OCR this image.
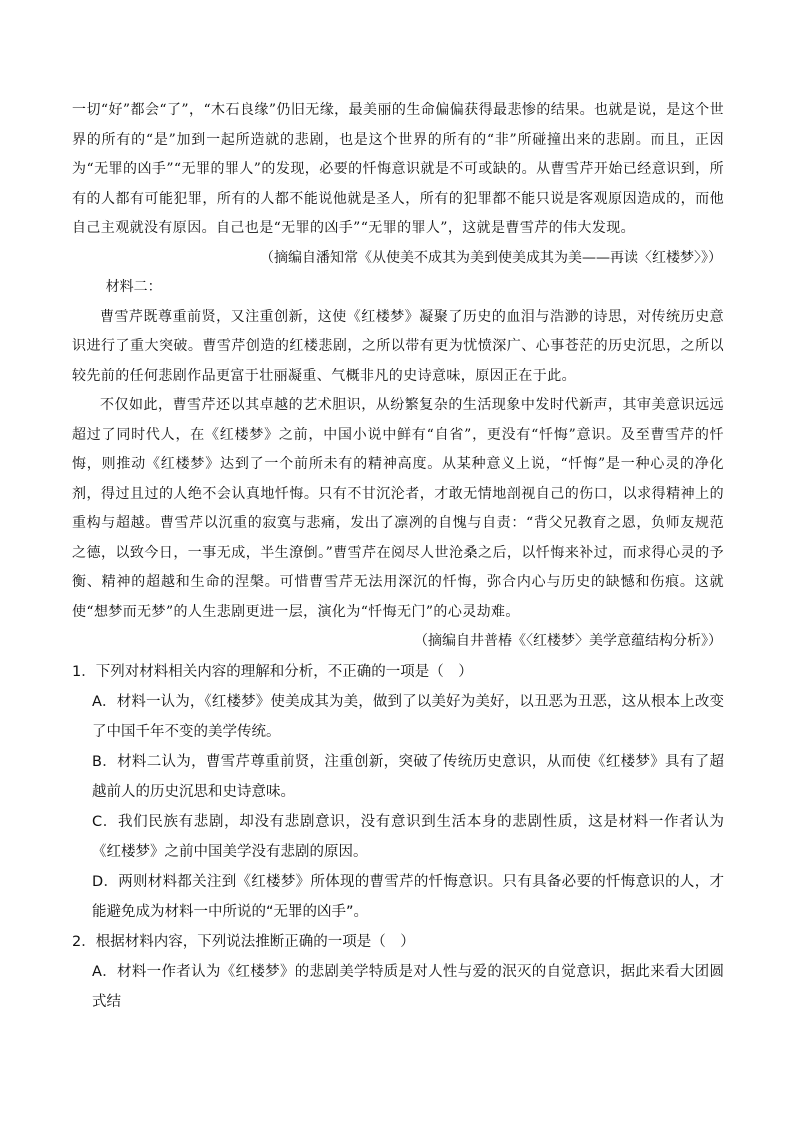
一切“好”都会“了”，“木石良缘”仍旧无缘，最美丽的生命偏偏获得最悲惨的结果。也就是说，是这个世界的所有的“是”加到一起所造就的悲剧，也是这个世界的所有的“非”所碰撞出来的悲剧。而且，正因为“无罪的凶手”“无罪的罪人”的发现，必要的忏悔意识就是不可或缺的。从曹雪芹开始已经意识到，所有的人都有可能犯罪，所有的人都不能说他就是圣人，所有的犯罪都不能只说是客观原因造成的，而他自己主观就没有原因。自己也是“无罪的凶手”“无罪的罪人”，这就是曹雪芹的伟大发现。

（摘编自潘知常《从使美不成其为美到使美成其为美——再读〈红楼梦〉》）

材料二：

曹雪芹既尊重前贤，又注重创新，这使《红楼梦》凝聚了历史的血泪与浩渺的诗思，对传统历史意识进行了重大突破。曹雪芹创造的红楼悲剧，之所以带有更为忧愤深广、心事苍茫的历史沉思，之所以较先前的任何悲剧作品更富于壮丽凝重、气概非凡的史诗意味，原因正在于此。

不仅如此，曹雪芹还以其卓越的艺术胆识，从纷繁复杂的生活现象中发时代新声，其审美意识远远超过了同时代人，在《红楼梦》之前，中国小说中鲜有“自省”，更没有“忏悔”意识。及至曹雪芹的忏悔，则推动《红楼梦》达到了一个前所未有的精神高度。从某种意义上说，“忏悔”是一种心灵的净化剂，得过且过的人绝不会认真地忏悔。只有不甘沉沦者，才敢无情地剖视自己的伤口，以求得精神上的重构与超越。曹雪芹以沉重的寂寞与悲痛，发出了凛冽的自愧与自责：“背父兄教育之恩，负师友规范之德，以致今日，一事无成，半生潦倒。”曹雪芹在阅尽人世沧桑之后，以忏悔来补过，而求得心灵的予衡、精神的超越和生命的涅槃。可惜曹雪芹无法用深沉的忏悔，弥合内心与历史的缺憾和伤痕。这就使“想梦而无梦”的人生悲剧更进一层，演化为“忏悔无门”的心灵劫难。

（摘编自井普椿《〈红楼梦〉美学意蕴结构分析》）

1．下列对材料相关内容的理解和分析，不正确的一项是（　）

A．材料一认为，《红楼梦》使美成其为美，做到了以美好为美好，以丑恶为丑恶，这从根本上改变了中国千年不变的美学传统。

B．材料二认为，曹雪芹尊重前贤，注重创新，突破了传统历史意识，从而使《红楼梦》具有了超越前人的历史沉思和史诗意味。

C．我们民族有悲剧，却没有悲剧意识，没有意识到生活本身的悲剧性质，这是材料一作者认为《红楼梦》之前中国美学没有悲剧的原因。

D．两则材料都关注到《红楼梦》所体现的曹雪芹的忏悔意识。只有具备必要的忏悔意识的人，才能避免成为材料一中所说的“无罪的凶手”。

2．根据材料内容，下列说法推断正确的一项是（　）

A．材料一作者认为《红楼梦》的悲剧美学特质是对人性与爱的泯灭的自觉意识，据此来看大团圆式结
